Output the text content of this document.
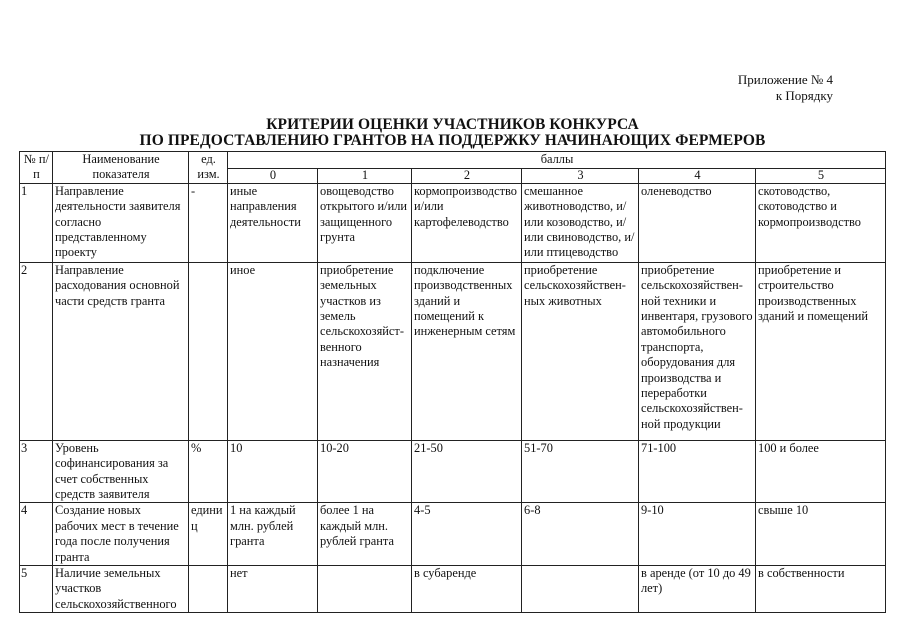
Приложение № 4
к Порядку
КРИТЕРИИ ОЦЕНКИ УЧАСТНИКОВ КОНКУРСА
ПО ПРЕДОСТАВЛЕНИЮ ГРАНТОВ НА ПОДДЕРЖКУ НАЧИНАЮЩИХ ФЕРМЕРОВ
№ п/п	Наименование показателя	ед. изм.	баллы					
			0	1	2	3	4	5
1	Направление деятельности заявителя согласно представленному проекту	-	иные направления деятельности	овощеводство открытого и/или защищенного грунта	кормопроизводство и/или картофелеводство	смешанное животноводство, и/или козоводство, и/или свиноводство, и/или птицеводство	оленеводство	скотоводство, скотоводство и кормопроизводство
2	Направление расходования основной части средств гранта		иное	приобретение земельных участков из земель сельскохозяйст-венного назначения	подключение производственных зданий и помещений к инженерным сетям	приобретение сельскохозяйствен-ных животных	приобретение сельскохозяйствен-ной техники и инвентаря, грузового автомобильного транспорта, оборудования для производства и переработки сельскохозяйствен-ной продукции	приобретение и строительство производственных зданий и помещений
3	Уровень софинансирования за счет собственных средств заявителя	%	10	10-20	21-50	51-70	71-100	100 и более
4	Создание новых рабочих мест в течение года после получения гранта	едини ц	1 на каждый млн. рублей гранта	более 1 на каждый млн. рублей гранта	4-5	6-8	9-10	свыше 10
5	Наличие земельных участков сельскохозяйственного		нет		в субаренде		в аренде (от 10 до 49 лет)	в собственности
